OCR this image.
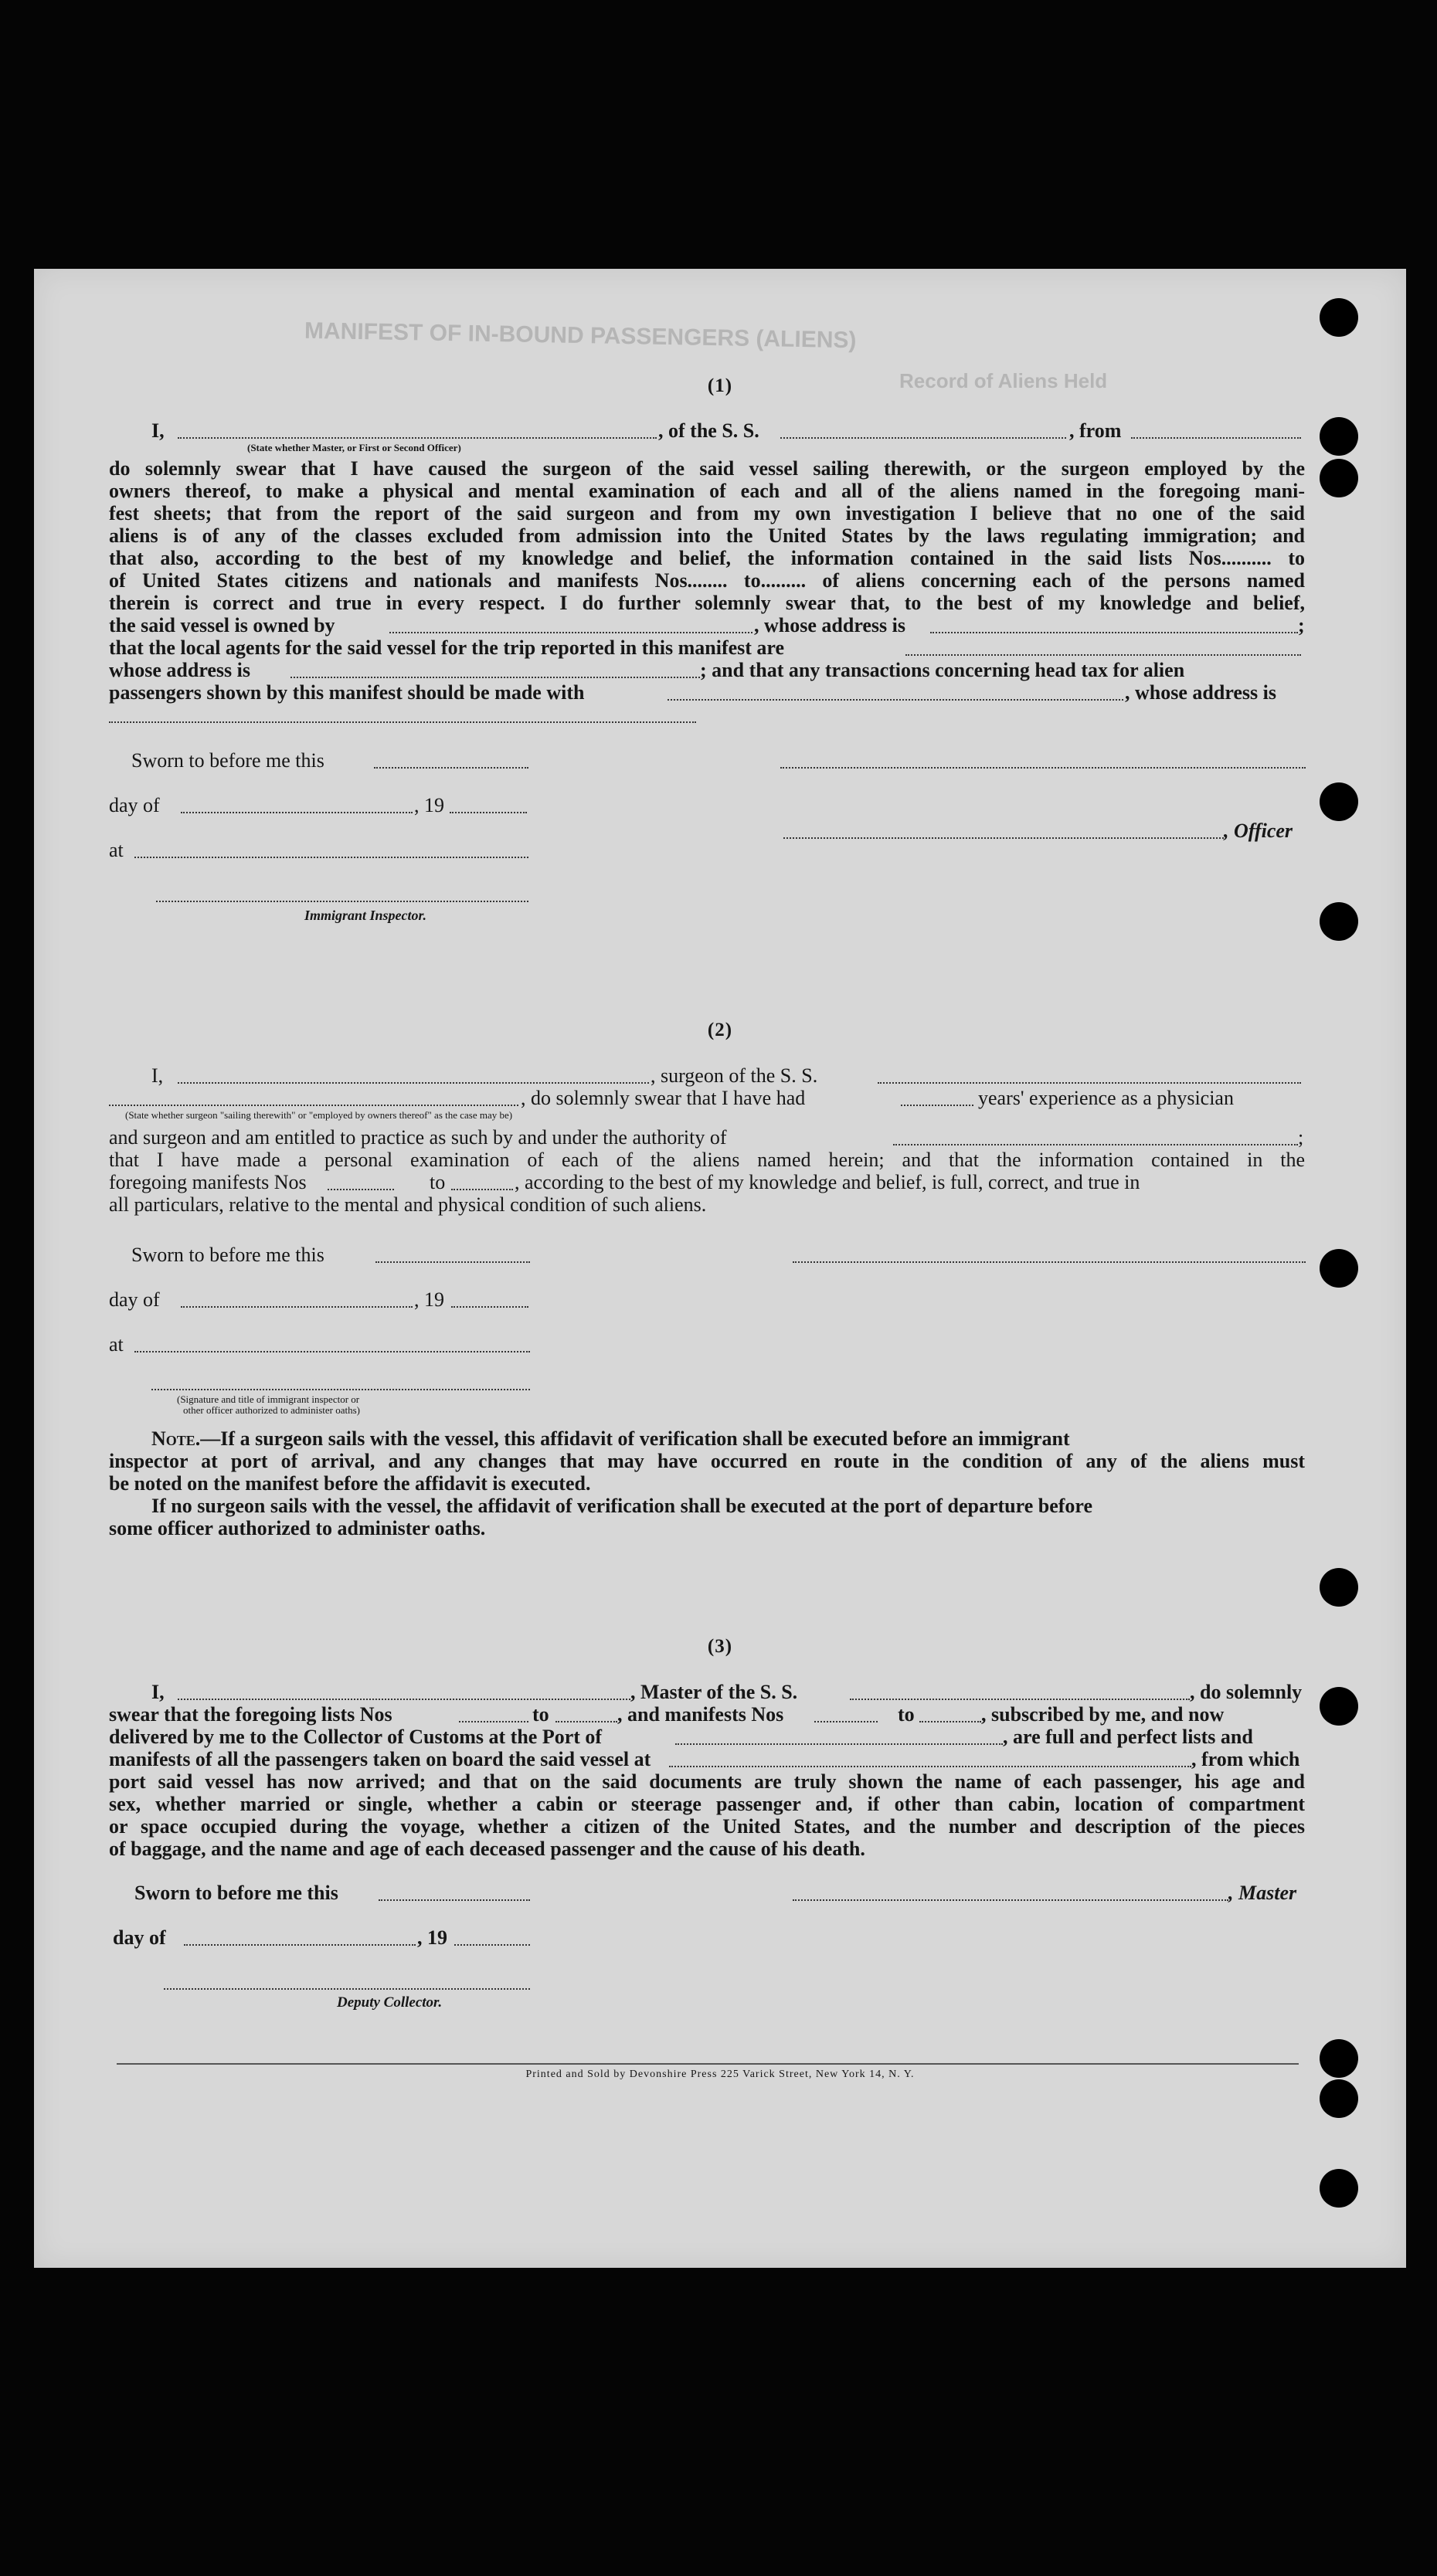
MANIFEST OF IN-BOUND PASSENGERS (ALIENS)
Record of Aliens Held
(1)
I,	, of the S. S.	, from
(State whether Master, or First or Second Officer)
do solemnly swear that I have caused the surgeon of the said vessel sailing therewith, or the surgeon employed by the
owners thereof, to make a physical and mental examination of each and all of the aliens named in the foregoing mani-
fest sheets; that from the report of the said surgeon and from my own investigation I believe that no one of the said
aliens is of any of the classes excluded from admission into the United States by the laws regulating immigration; and
that also, according to the best of my knowledge and belief, the information contained in the said lists Nos.......... to
of United States citizens and nationals and manifests Nos........ to......... of aliens concerning each of the persons named
therein is correct and true in every respect. I do further solemnly swear that, to the best of my knowledge and belief,
the said vessel is owned by	, whose address is	;
that the local agents for the said vessel for the trip reported in this manifest are
whose address is	; and that any transactions concerning head tax for alien
passengers shown by this manifest should be made with	, whose address is
Sworn to before me this
day of	, 19
, Officer
at
Immigrant Inspector.
(2)
I,	, surgeon of the S. S.
, do solemnly swear that I have had	years' experience as a physician
(State whether surgeon "sailing therewith" or "employed by owners thereof" as the case may be)
and surgeon and am entitled to practice as such by and under the authority of	;
that I have made a personal examination of each of the aliens named herein; and that the information contained in the
foregoing manifests Nos	to	, according to the best of my knowledge and belief, is full, correct, and true in
all particulars, relative to the mental and physical condition of such aliens.
Sworn to before me this
day of	, 19
at
(Signature and title of immigrant inspector or
other officer authorized to administer oaths)
Note.—If a surgeon sails with the vessel, this affidavit of verification shall be executed before an immigrant
inspector at port of arrival, and any changes that may have occurred en route in the condition of any of the aliens must
be noted on the manifest before the affidavit is executed.
If no surgeon sails with the vessel, the affidavit of verification shall be executed at the port of departure before
some officer authorized to administer oaths.
(3)
I,	, Master of the S. S.	, do solemnly
swear that the foregoing lists Nos	to	, and manifests Nos	to	, subscribed by me, and now
delivered by me to the Collector of Customs at the Port of	, are full and perfect lists and
manifests of all the passengers taken on board the said vessel at	, from which
port said vessel has now arrived; and that on the said documents are truly shown the name of each passenger, his age and
sex, whether married or single, whether a cabin or steerage passenger and, if other than cabin, location of compartment
or space occupied during the voyage, whether a citizen of the United States, and the number and description of the pieces
of baggage, and the name and age of each deceased passenger and the cause of his death.
Sworn to before me this	, Master
day of	, 19
Deputy Collector.
Printed and Sold by Devonshire Press 225 Varick Street, New York 14, N. Y.
